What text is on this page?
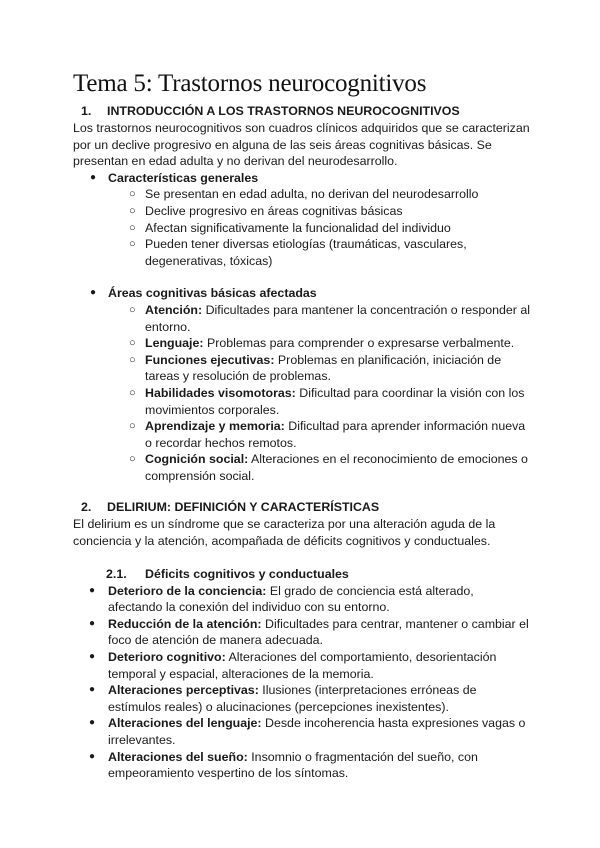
Tema 5: Trastornos neurocognitivos
1. INTRODUCCIÓN A LOS TRASTORNOS NEUROCOGNITIVOS

Los trastornos neurocognitivos son cuadros clínicos adquiridos que se caracterizan por un declive progresivo en alguna de las seis áreas cognitivas básicas. Se presentan en edad adulta y no derivan del neurodesarrollo.

● Características generales
○ Se presentan en edad adulta, no derivan del neurodesarrollo
○ Declive progresivo en áreas cognitivas básicas
○ Afectan significativamente la funcionalidad del individuo
○ Pueden tener diversas etiologías (traumáticas, vasculares, degenerativas, tóxicas)
● Áreas cognitivas básicas afectadas
○ Atención: Dificultades para mantener la concentración o responder al entorno.
○ Lenguaje: Problemas para comprender o expresarse verbalmente.
○ Funciones ejecutivas: Problemas en planificación, iniciación de tareas y resolución de problemas.
○ Habilidades visomotoras: Dificultad para coordinar la visión con los movimientos corporales.
○ Aprendizaje y memoria: Dificultad para aprender información nueva o recordar hechos remotos.
○ Cognición social: Alteraciones en el reconocimiento de emociones o comprensión social.
2. DELIRIUM: DEFINICIÓN Y CARACTERÍSTICAS

El delirium es un síndrome que se caracteriza por una alteración aguda de la conciencia y la atención, acompañada de déficits cognitivos y conductuales.

2.1. Déficits cognitivos y conductuales
● Deterioro de la conciencia: El grado de conciencia está alterado, afectando la conexión del individuo con su entorno.
● Reducción de la atención: Dificultades para centrar, mantener o cambiar el foco de atención de manera adecuada.
● Deterioro cognitivo: Alteraciones del comportamiento, desorientación temporal y espacial, alteraciones de la memoria.
● Alteraciones perceptivas: Ilusiones (interpretaciones erróneas de estímulos reales) o alucinaciones (percepciones inexistentes).
● Alteraciones del lenguaje: Desde incoherencia hasta expresiones vagas o irrelevantes.
● Alteraciones del sueño: Insomnio o fragmentación del sueño, con empeoramiento vespertino de los síntomas.
